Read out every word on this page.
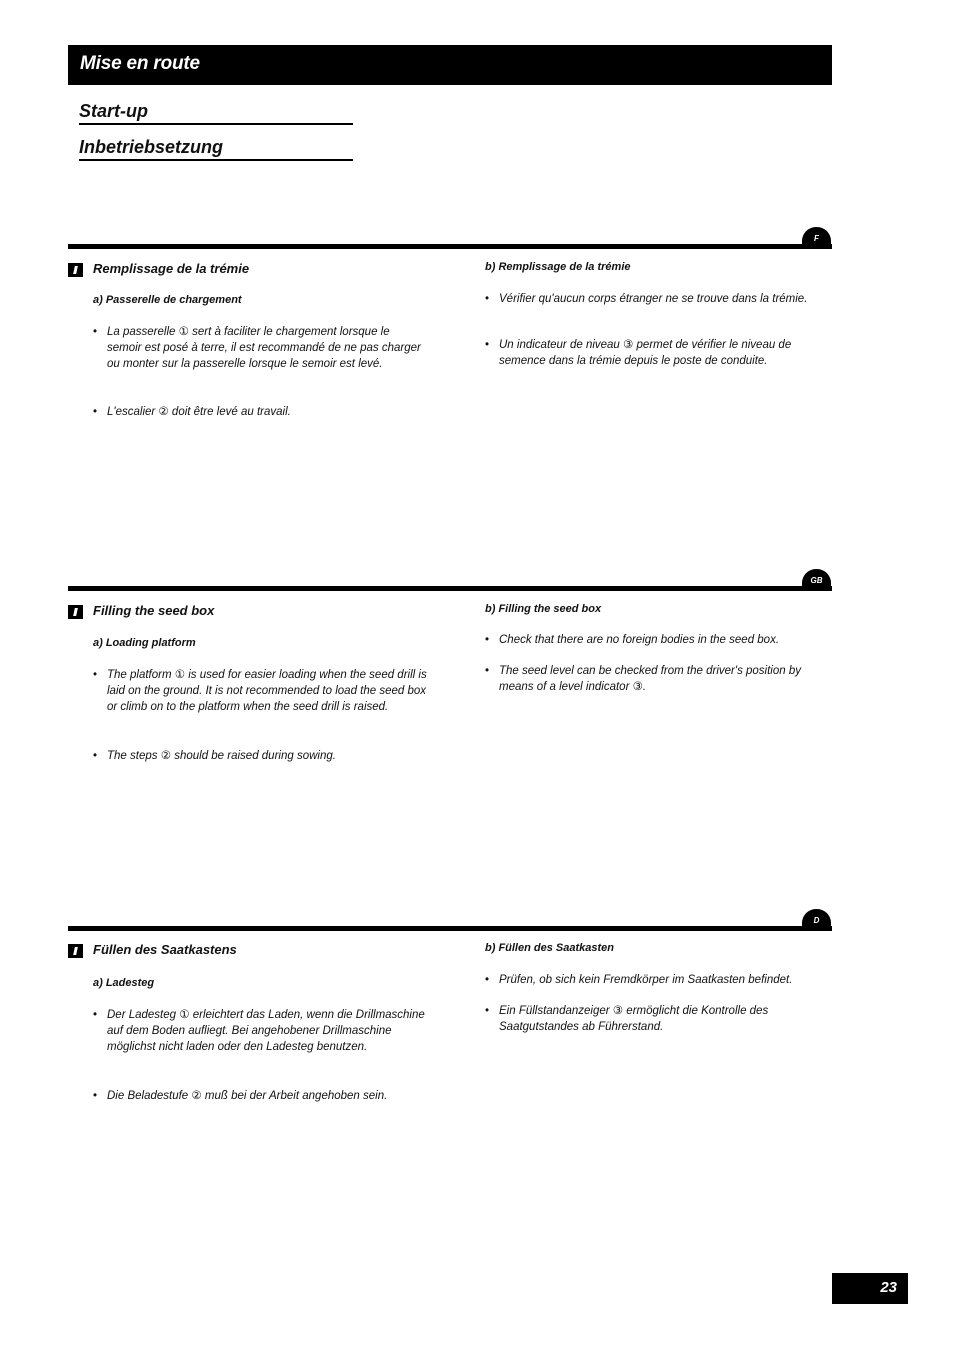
Mise en route
Start-up
Inbetriebsetzung
F
Remplissage de la trémie
a) Passerelle de chargement
• La passerelle ① sert à faciliter le chargement lorsque le semoir est posé à terre, il est recommandé de ne pas charger ou monter sur la passerelle lorsque le semoir est levé.
• L'escalier ② doit être levé au travail.
b) Remplissage de la trémie
• Vérifier qu'aucun corps étranger ne se trouve dans la trémie.
• Un indicateur de niveau ③ permet de vérifier le niveau de semence dans la trémie depuis le poste de conduite.
GB
Filling the seed box
a) Loading platform
• The platform ① is used for easier loading when the seed drill is laid on the ground. It is not recommended to load the seed box or climb on to the platform when the seed drill is raised.
• The steps ② should be raised during sowing.
b) Filling the seed box
• Check that there are no foreign bodies in the seed box.
• The seed level can be checked from the driver's position by means of a level indicator ③.
D
Füllen des Saatkastens
a) Ladesteg
• Der Ladesteg ① erleichtert das Laden, wenn die Drillmaschine auf dem Boden aufliegt. Bei angehobener Drillmaschine möglichst nicht laden oder den Ladesteg benutzen.
• Die Beladestufe ② muß bei der Arbeit angehoben sein.
b) Füllen des Saatkasten
• Prüfen, ob sich kein Fremdkörper im Saatkasten befindet.
• Ein Füllstandanzeiger ③ ermöglicht die Kontrolle des Saatgutstandes ab Führerstand.
23
